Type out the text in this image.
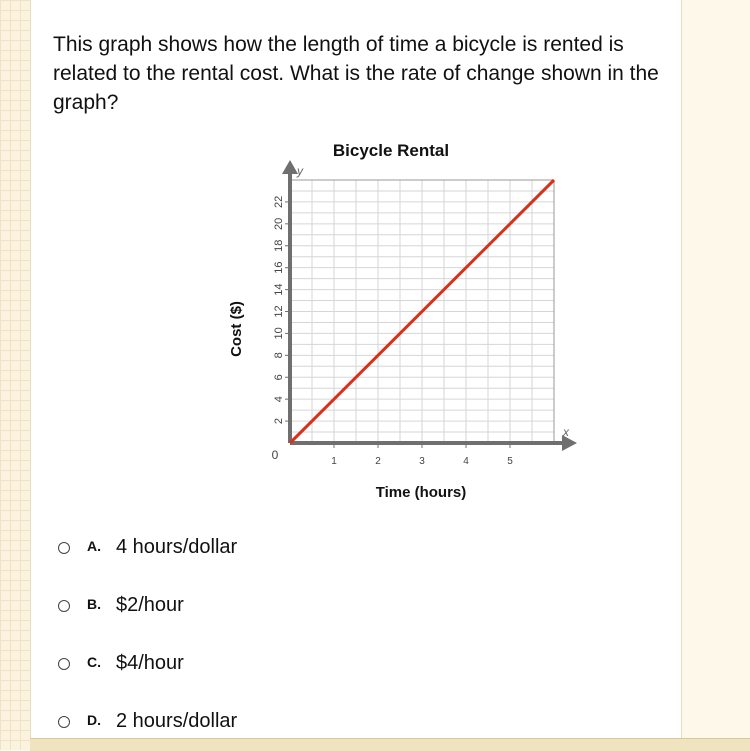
This graph shows how the length of time a bicycle is rented is related to the rental cost. What is the rate of change shown in the graph?
Bicycle Rental
2
4
6
8
10
12
14
16
18
20
22
1	2	3	4	5
0
y
x
Time (hours)
Cost ($)
A. 4 hours/dollar
B. $2/hour
C. $4/hour
D. 2 hours/dollar
